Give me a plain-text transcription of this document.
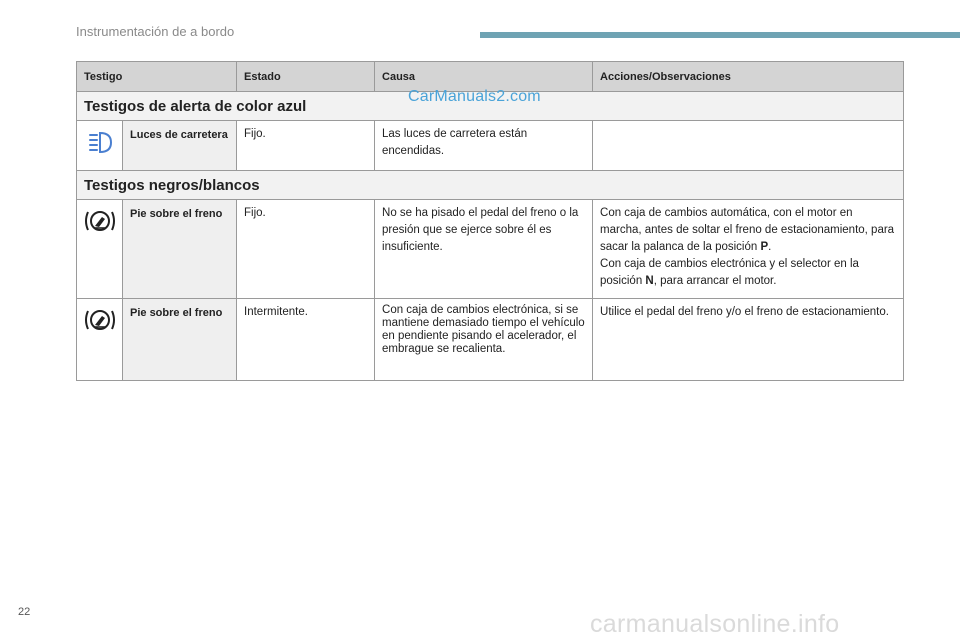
Instrumentación de a bordo
Testigo		Estado	Causa	Acciones/Observaciones
Testigos de alerta de color azul				
	Luces de carretera	Fijo.	Las luces de carretera están encendidas.	
Testigos negros/blancos				
	Pie sobre el freno	Fijo.	No se ha pisado el pedal del freno o la presión que se ejerce sobre él es insuficiente.	Con caja de cambios automática, con el motor en marcha, antes de soltar el freno de estacionamiento, para sacar la palanca de la posición P.
Con caja de cambios electrónica y el selector en la posición N, para arrancar el motor.
	Pie sobre el freno	Intermitente.	Con caja de cambios electrónica, si se mantiene demasiado tiempo el vehículo en pendiente pisando el acelerador, el embrague se recalienta.	Utilice el pedal del freno y/o el freno de estacionamiento.
CarManuals2.com
22	carmanualsonline.info
